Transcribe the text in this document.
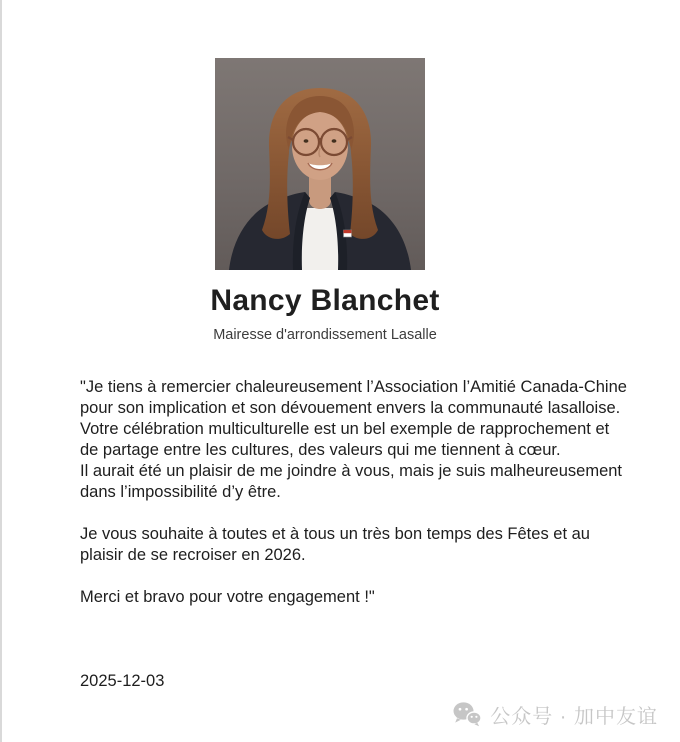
Nancy Blanchet
Mairesse d'arrondissement Lasalle
"Je tiens à remercier chaleureusement l’Association l’Amitié Canada-Chine
pour son implication et son dévouement envers la communauté lasalloise.
Votre célébration multiculturelle est un bel exemple de rapprochement et
de partage entre les cultures, des valeurs qui me tiennent à cœur.
Il aurait été un plaisir de me joindre à vous, mais je suis malheureusement
dans l’impossibilité d’y être.

Je vous souhaite à toutes et à tous un très bon temps des Fêtes et au
plaisir de se recroiser en 2026.

Merci et bravo pour votre engagement !"
2025-12-03
公众号 · 加中友谊
